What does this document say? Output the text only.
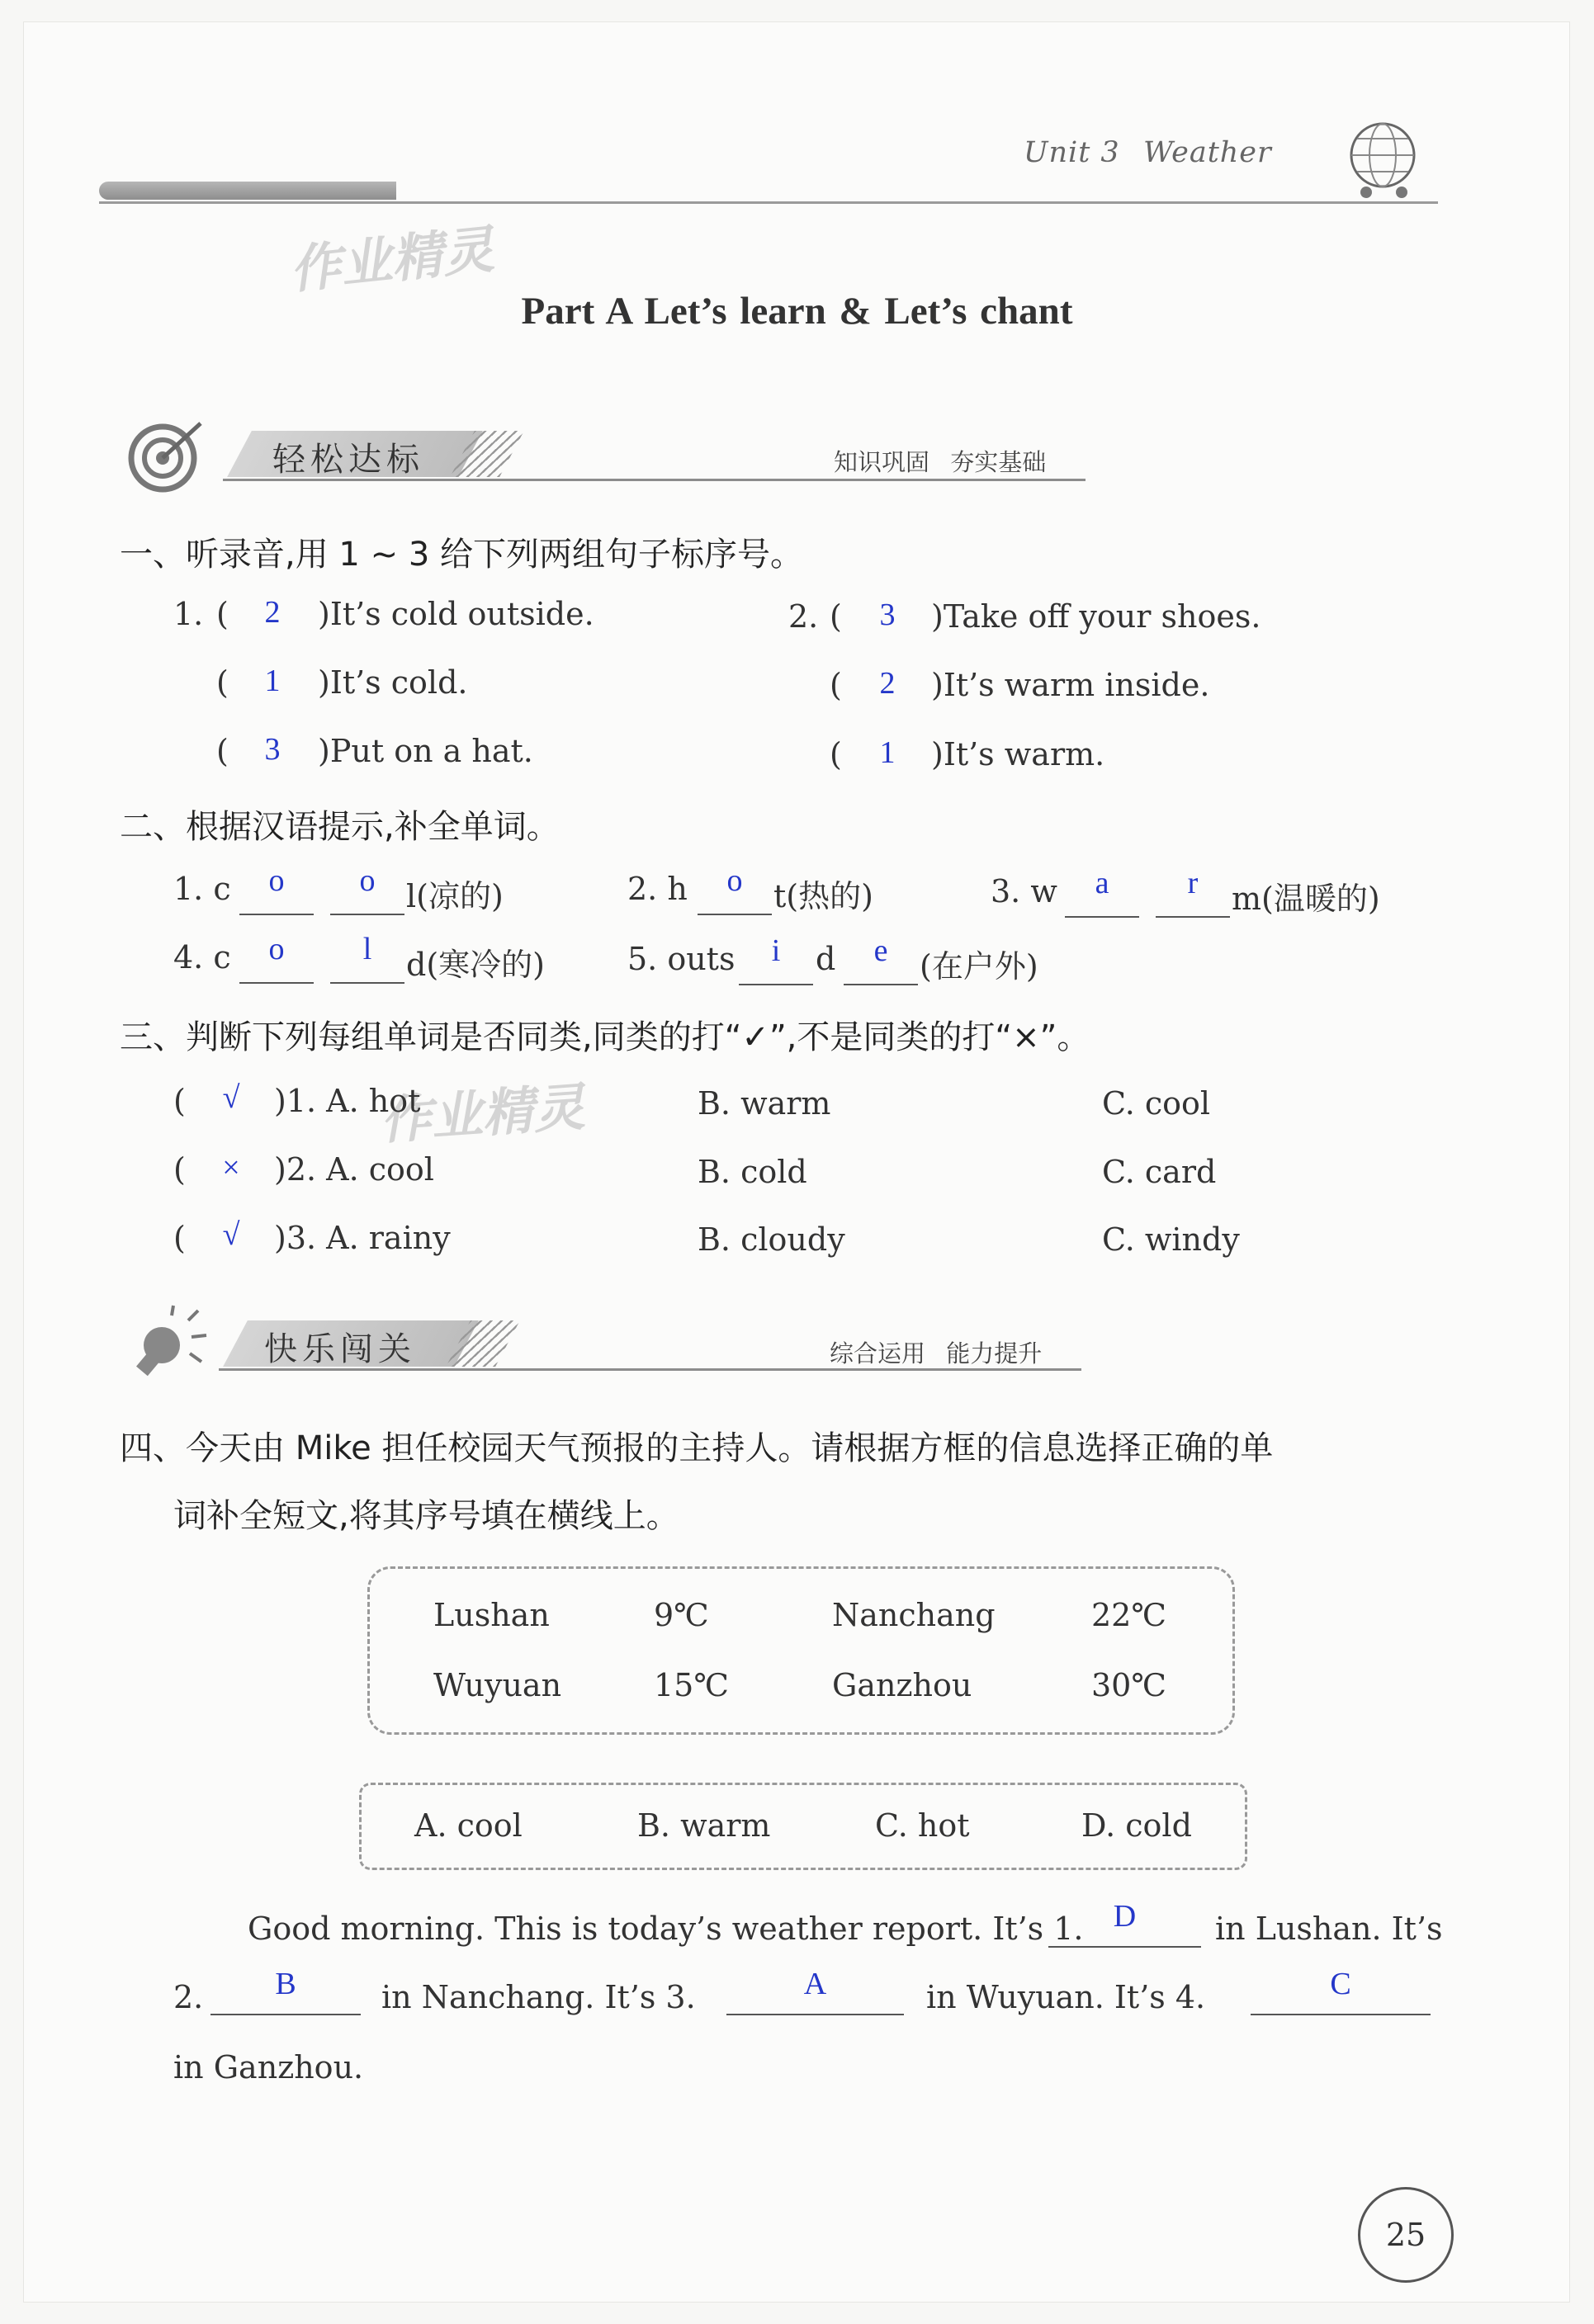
Unit 3 Weather
作业精灵
Part A Let’s learn & Let’s chant
轻松达标	知识巩固 夯实基础
一、听录音,用 1 ~ 3 给下列两组句子标序号。
1. (	2	)It’s cold outside.
(	1	)It’s cold.
(	3	)Put on a hat.
2. (	3	)Take off your shoes.
(	2	)It’s warm inside.
(	1	)It’s warm.
二、根据汉语提示,补全单词。
1. c	o	o l(凉的)	2. h	o t(热的)	3. w	a	r	m(温暖的)
4. c	o	l	d(寒冷的)	5. outs	i	d	e	(在户外)
三、判断下列每组单词是否同类,同类的打“✓”,不是同类的打“×”。
作业精灵
(	√	)1. A. hot	B. warm	C. cool
(	×	)2. A. cool	B. cold	C. card
(	√	)3. A. rainy	B. cloudy	C. windy
快乐闯关	综合运用 能力提升
四、今天由 Mike 担任校园天气预报的主持人。请根据方框的信息选择正确的单
词补全短文,将其序号填在横线上。
Lushan	9℃	Nanchang	22℃
Wuyuan	15℃	Ganzhou	30℃
A. cool	B. warm	C. hot	D. cold
Good morning. This is today’s weather report. It’s 1. D	in Lushan. It’s
2.	B	in Nanchang. It’s 3.	A	in Wuyuan. It’s 4.	C
in Ganzhou.
25
